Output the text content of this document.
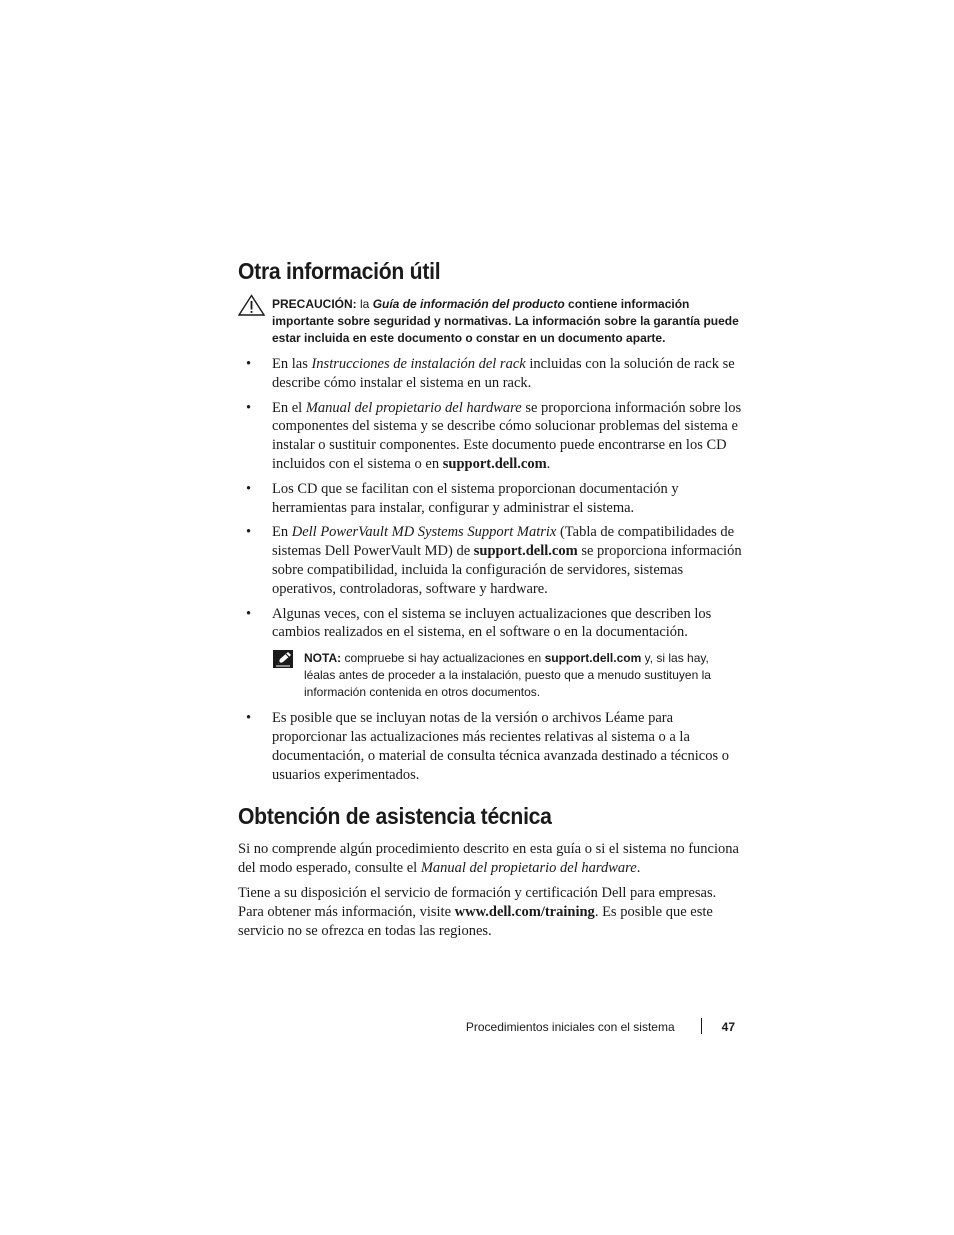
Otra información útil
PRECAUCIÓN: la Guía de información del producto contiene información importante sobre seguridad y normativas. La información sobre la garantía puede estar incluida en este documento o constar en un documento aparte.
• En las Instrucciones de instalación del rack incluidas con la solución de rack se describe cómo instalar el sistema en un rack.
• En el Manual del propietario del hardware se proporciona información sobre los componentes del sistema y se describe cómo solucionar problemas del sistema e instalar o sustituir componentes. Este documento puede encontrarse en los CD incluidos con el sistema o en support.dell.com.
• Los CD que se facilitan con el sistema proporcionan documentación y herramientas para instalar, configurar y administrar el sistema.
• En Dell PowerVault MD Systems Support Matrix (Tabla de compatibilidades de sistemas Dell PowerVault MD) de support.dell.com se proporciona información sobre compatibilidad, incluida la configuración de servidores, sistemas operativos, controladoras, software y hardware.
• Algunas veces, con el sistema se incluyen actualizaciones que describen los cambios realizados en el sistema, en el software o en la documentación.
NOTA: compruebe si hay actualizaciones en support.dell.com y, si las hay, léalas antes de proceder a la instalación, puesto que a menudo sustituyen la información contenida en otros documentos.
• Es posible que se incluyan notas de la versión o archivos Léame para proporcionar las actualizaciones más recientes relativas al sistema o a la documentación, o material de consulta técnica avanzada destinado a técnicos o usuarios experimentados.
Obtención de asistencia técnica

Si no comprende algún procedimiento descrito en esta guía o si el sistema no funciona del modo esperado, consulte el Manual del propietario del hardware.

Tiene a su disposición el servicio de formación y certificación Dell para empresas. Para obtener más información, visite www.dell.com/training. Es posible que este servicio no se ofrezca en todas las regiones.

Procedimientos iniciales con el sistema	47
